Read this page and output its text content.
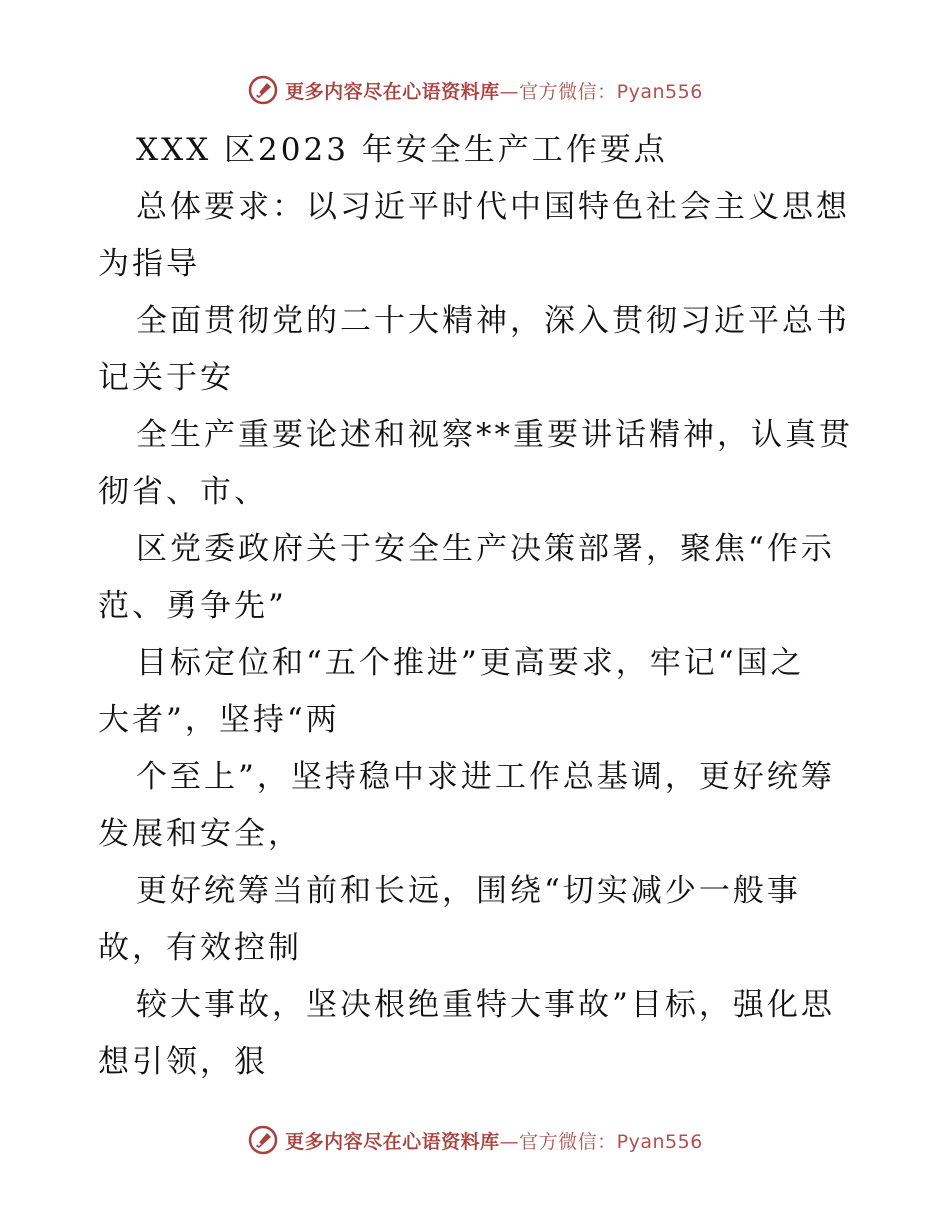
更多内容尽在心语资料库—官方微信：Pyan556
XXX 区2023 年安全生产工作要点
总体要求：以习近平时代中国特色社会主义思想
为指导
全面贯彻党的二十大精神，深入贯彻习近平总书
记关于安
全生产重要论述和视察**重要讲话精神，认真贯
彻省、市、
区党委政府关于安全生产决策部署，聚焦“作示
范、勇争先”
目标定位和“五个推进”更高要求，牢记“国之
大者”，坚持“两
个至上”，坚持稳中求进工作总基调，更好统筹
发展和安全，
更好统筹当前和长远，围绕“切实减少一般事
故，有效控制
较大事故，坚决根绝重特大事故”目标，强化思
想引领，狠
更多内容尽在心语资料库—官方微信：Pyan556
